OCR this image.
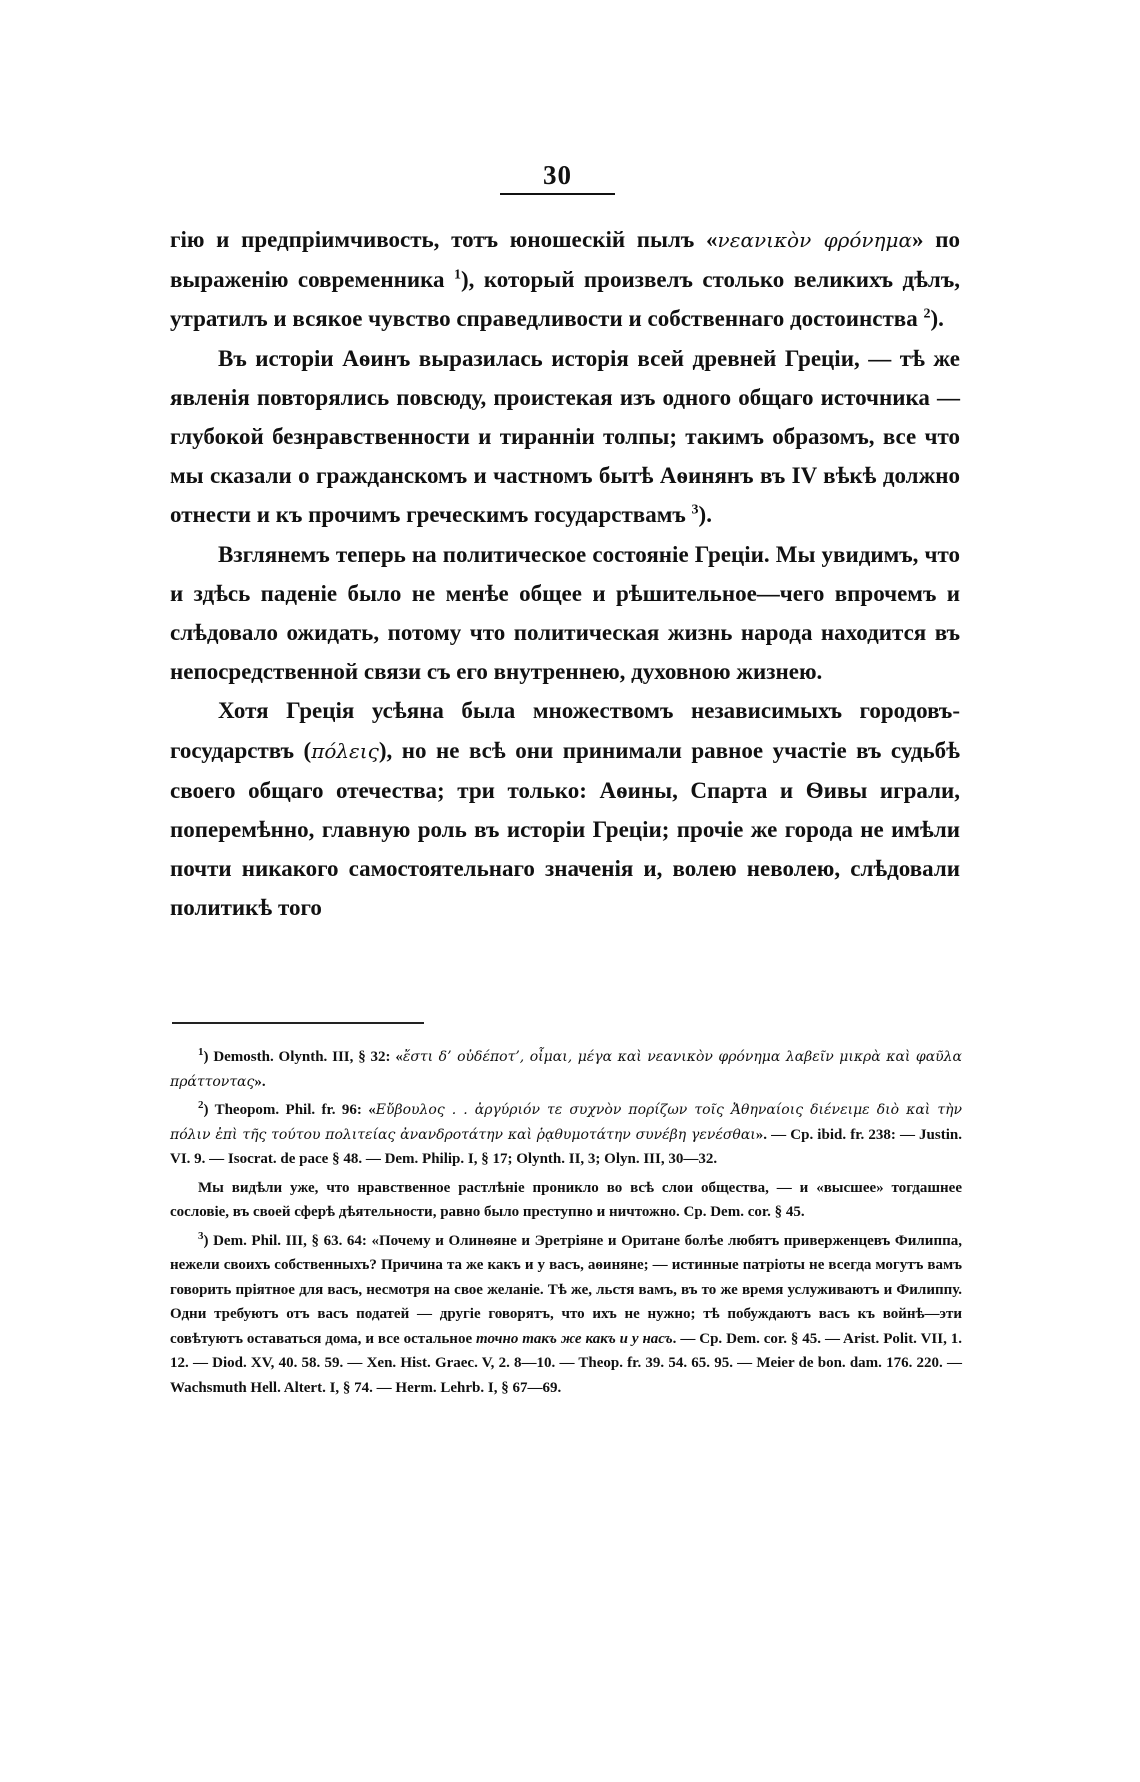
30

гію и предпріимчивость, тотъ юношескій пылъ «νεανικὸν φρόνημα» по выраженію современника $^1$), который произвелъ столько великихъ дѣлъ, утратилъ и всякое чувство справедливости и собственнаго достоинства $^2$).

Въ исторіи Аѳинъ выразилась исторія всей древней Греціи, — тѣ же явленія повторялись повсюду, проистекая изъ одного общаго источника — глубокой безнравственности и тиранніи толпы; такимъ образомъ, все что мы сказали о гражданскомъ и частномъ бытѣ Аѳинянъ въ IV вѣкѣ должно отнести и къ прочимъ греческимъ государствамъ $^3$).

Взглянемъ теперь на политическое состояніе Греціи. Мы увидимъ, что и здѣсь паденіе было не менѣе общее и рѣшительное—чего впрочемъ и слѣдовало ожидать, потому что политическая жизнь народа находится въ непосредственной связи съ его внутреннею, духовною жизнею.

Хотя Греція усѣяна была множествомъ независимыхъ городовъ-государствъ (πόλεις), но не всѣ они принимали равное участіе въ судьбѣ своего общаго отечества; три только: Аѳины, Спарта и Ѳивы играли, поперемѣнно, главную роль въ исторіи Греціи; прочіе же города не имѣли почти никакого самостоятельнаго значенія и, волею неволею, слѣдовали политикѣ того

$^1$) Demosth. Olynth. III, § 32: «ἔστι δ’ οὐδέποτ’, οἶμαι, μέγα καὶ νεανικὸν φρόνημα λαβεῖν μικρὰ καὶ φαῦλα πράττοντας».

$^2$) Theopom. Phil. fr. 96: «Εὔβουλος . . ἀργύριόν τε συχνὸν πορίζων τοῖς Ἀθηναίοις διένειμε διὸ καὶ τὴν πόλιν ἐπὶ τῆς τούτου πολιτείας ἀνανδροτάτην καὶ ῥᾳθυμοτάτην συνέβη γενέσθαι». — Cp. ibid. fr. 238: — Justin. VI. 9. — Isocrat. de pace § 48. — Dem. Philip. I, § 17; Olynth. II, 3; Olyn. III, 30—32.

Мы видѣли уже, что нравственное растлѣніе проникло во всѣ слои общества, — и «высшее» тогдашнее сословіе, въ своей сферѣ дѣятельности, равно было преступно и ничтожно. Cp. Dem. cor. § 45.

$^3$) Dem. Phil. III, § 63. 64: «Почему и Олинѳяне и Эретріяне и Оритане болѣе любятъ приверженцевъ Филиппа, нежели своихъ собственныхъ? Причина та же какъ и у васъ, аѳиняне; — истинные патріоты не всегда могутъ вамъ говорить пріятное для васъ, несмотря на свое желаніе. Тѣ же, льстя вамъ, въ то же время услуживаютъ и Филиппу. Одни требуютъ отъ васъ податей — другіе говорятъ, что ихъ не нужно; тѣ побуждаютъ васъ къ войнѣ—эти совѣтуютъ оставаться дома, и все остальное точно такъ же какъ и у насъ. — Cp. Dem. cor. § 45. — Arist. Polit. VII, 1. 12. — Diod. XV, 40. 58. 59. — Xen. Hist. Graec. V, 2. 8—10. — Theop. fr. 39. 54. 65. 95. — Meier de bon. dam. 176. 220. — Wachsmuth Hell. Altert. I, § 74. — Herm. Lehrb. I, § 67—69.
